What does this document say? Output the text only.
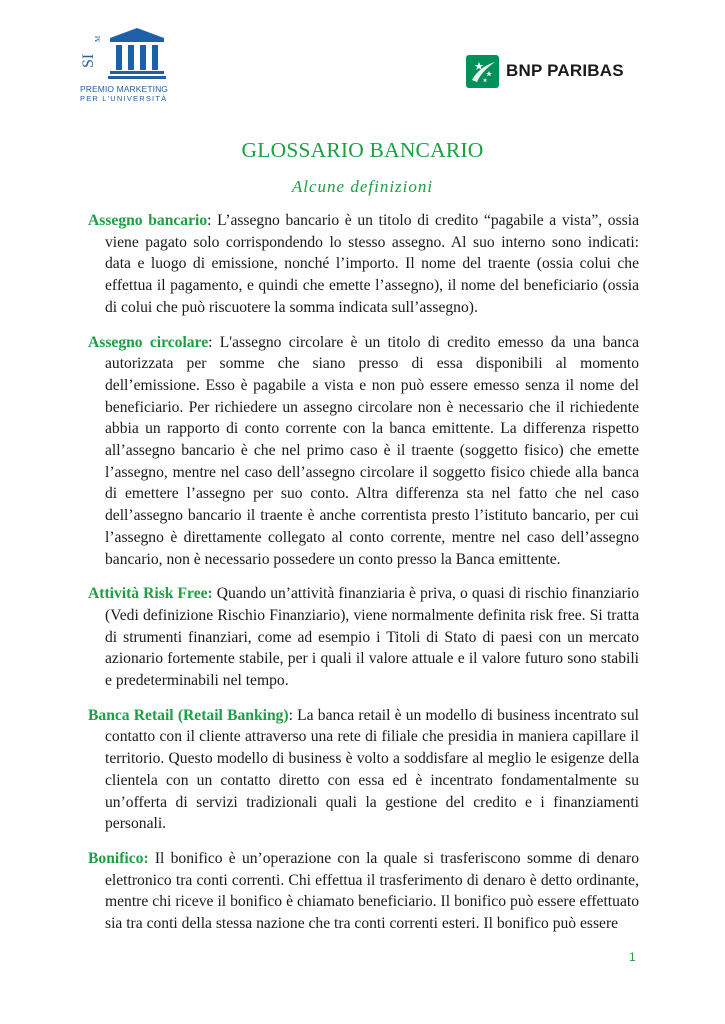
SI
M
PREMIO MARKETING
PER L'UNIVERSITÀ
BNP PARIBAS
GLOSSARIO BANCARIO
Alcune definizioni

Assegno bancario: L’assegno bancario è un titolo di credito “pagabile a vista”, ossia viene pagato solo corrispondendo lo stesso assegno. Al suo interno sono indicati: data e luogo di emissione, nonché l’importo. Il nome del traente (ossia colui che effettua il pagamento, e quindi che emette l’assegno), il nome del beneficiario (ossia di colui che può riscuotere la somma indicata sull’assegno).

Assegno circolare: L'assegno circolare è un titolo di credito emesso da una banca autorizzata per somme che siano presso di essa disponibili al momento dell’emissione. Esso è pagabile a vista e non può essere emesso senza il nome del beneficiario. Per richiedere un assegno circolare non è necessario che il richiedente abbia un rapporto di conto corrente con la banca emittente. La differenza rispetto all’assegno bancario è che nel primo caso è il traente (soggetto fisico) che emette l’assegno, mentre nel caso dell’assegno circolare il soggetto fisico chiede alla banca di emettere l’assegno per suo conto. Altra differenza sta nel fatto che nel caso dell’assegno bancario il traente è anche correntista presto l’istituto bancario, per cui l’assegno è direttamente collegato al conto corrente, mentre nel caso dell’assegno bancario, non è necessario possedere un conto presso la Banca emittente.

Attività Risk Free: Quando un’attività finanziaria è priva, o quasi di rischio finanziario (Vedi definizione Rischio Finanziario), viene normalmente definita risk free. Si tratta di strumenti finanziari, come ad esempio i Titoli di Stato di paesi con un mercato azionario fortemente stabile, per i quali il valore attuale e il valore futuro sono stabili e predeterminabili nel tempo.

Banca Retail (Retail Banking): La banca retail è un modello di business incentrato sul contatto con il cliente attraverso una rete di filiale che presidia in maniera capillare il territorio. Questo modello di business è volto a soddisfare al meglio le esigenze della clientela con un contatto diretto con essa ed è incentrato fondamentalmente su un’offerta di servizi tradizionali quali la gestione del credito e i finanziamenti personali.

Bonifico: Il bonifico è un’operazione con la quale si trasferiscono somme di denaro elettronico tra conti correnti. Chi effettua il trasferimento di denaro è detto ordinante, mentre chi riceve il bonifico è chiamato beneficiario. Il bonifico può essere effettuato sia tra conti della stessa nazione che tra conti correnti esteri. Il bonifico può essere

1
